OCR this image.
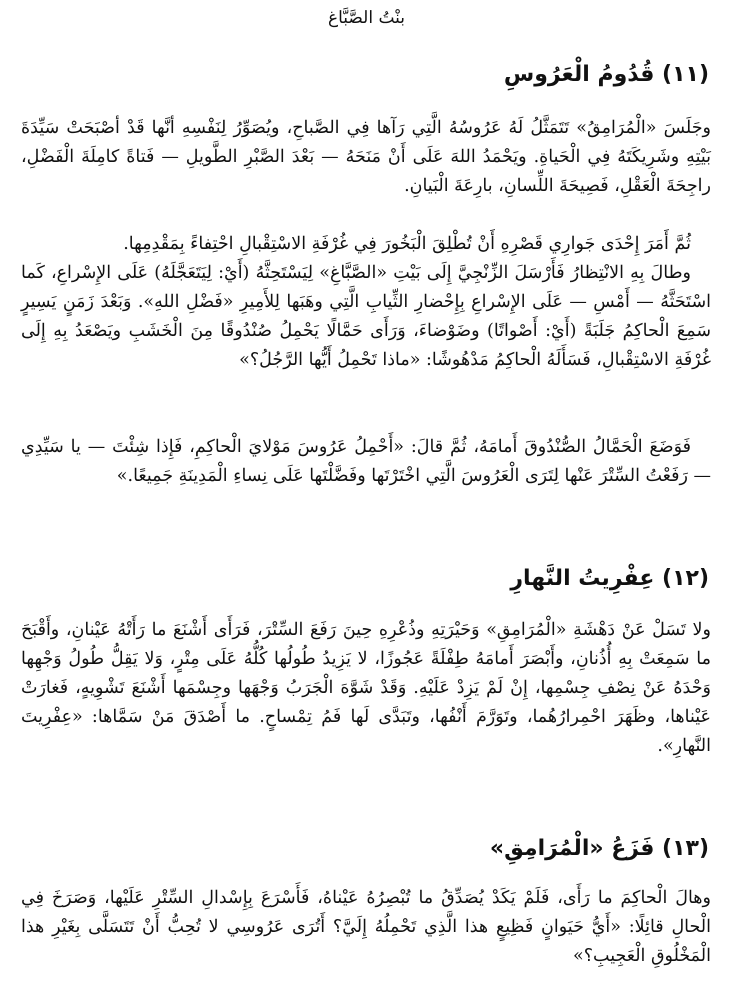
بنْتُ الصَّبَّاغ
(١١) قُدُومُ الْعَرُوسِ

وجَلَسَ «الْمُرَامِقُ» تَتَمَثَّلُ لَهُ عَرُوسُهُ الَّتِي رَآها فِي الصَّباحِ، ويُصَوِّرُ لِنَفْسِهِ أنَّها قَدْ أصْبَحَتْ سَيِّدَةَ بَيْتِهِ وشَرِيكَتَهُ فِي الْحَياةِ. ويَحْمَدُ اللهَ عَلَى أَنْ مَنَحَهُ — بَعْدَ الصَّبْرِ الطَّويلِ — فَتاةً كامِلَةَ الْفَضْلِ، راجِحَةَ الْعَقْلِ، فَصِيحَةَ اللِّسانِ، بارِعَةَ الْبَيانِ.

ثُمَّ أَمَرَ إِحْدَى جَوارِي قَصْرِهِ أَنْ تُطْلِقَ الْبَخُورَ فِي غُرْفَةِ الاسْتِقْبالِ احْتِفاءً بِمَقْدِمِها.

وطالَ بِهِ الانْتِظارُ فَأَرْسَلَ الزِّنْجِيَّ إِلَى بَيْتِ «الصَّبَّاغِ» لِيَسْتَحِثَّهُ (أَيْ: لِيَتَعَجَّلَهُ) عَلَى الإِسْراعِ، كَما اسْتَحَثَّهُ — أَمْسِ — عَلَى الإِسْراعِ بِإِحْضارِ الثِّيابِ الَّتِي وهَبَها لِلأَمِيرِ «فَضْلِ اللهِ». وَبَعْدَ زَمَنٍ يَسِيرٍ سَمِعَ الْحاكِمُ جَلَبَةً (أَيْ: أَصْواتًا) وضَوْضاءَ، وَرَأَى حَمَّالًا يَحْمِلُ صُنْدُوقًا مِنَ الْخَشَبِ ويَصْعَدُ بِهِ إِلَى غُرْفَةِ الاسْتِقْبالِ، فَسَأَلَهُ الْحاكِمُ مَدْهُوشًا: «ماذا تَحْمِلُ أَيُّها الرَّجُلُ؟»

فَوَضَعَ الْحَمَّالُ الصُّنْدُوقَ أَمامَهُ، ثُمَّ قالَ: «أَحْمِلُ عَرُوسَ مَوْلايَ الْحاكِمِ، فَإِذا شِئْتَ — يا سَيِّدِي — رَفَعْتُ السِّتْرَ عَنْها لِتَرَى الْعَرُوسَ الَّتِي اخْتَرْتَها وفَضَّلْتَها عَلَى نِساءِ الْمَدِينَةِ جَمِيعًا.»

(١٢) عِفْرِيتُ النَّهارِ

ولا تَسَلْ عَنْ دَهْشَةِ «الْمُرَامِقِ» وَحَيْرَتِهِ وذُعْرِهِ حِينَ رَفَعَ السِّتْرَ، فَرَأَى أَشْنَعَ ما رَأَتْهُ عَيْنانِ، وأَقْبَحَ ما سَمِعَتْ بِهِ أُذُنانِ، وأَبْصَرَ أَمامَهُ طِفْلَةً عَجُوزًا، لا يَزِيدُ طُولُها كُلُّهُ عَلَى مِتْرٍ، وَلا يَقِلُّ طُولُ وَجْهِها وَحْدَهُ عَنْ نِصْفِ جِسْمِها، إِنْ لَمْ يَزِدْ عَلَيْهِ. وَقَدْ شَوَّهَ الْجَرَبُ وَجْهَها وجِسْمَها أَشْنَعَ تَشْوِيهٍ، فَغارَتْ عَيْناها، وظَهَرَ احْمِرارُهُما، وتَوَرَّمَ أَنْفُها، وتَبَدَّى لَها فَمُ تِمْساحٍ. ما أَصْدَقَ مَنْ سَمَّاها: «عِفْرِيتَ النَّهارِ».

(١٣) فَزَعُ «الْمُرَامِقِ»

وهالَ الْحاكِمَ ما رَأَى، فَلَمْ يَكَدْ يُصَدِّقُ ما تُبْصِرُهُ عَيْناهُ، فَأَسْرَعَ بِإِسْدالِ السِّتْرِ عَلَيْها، وَصَرَخَ فِي الْحالِ قائِلًا: «أَيُّ حَيَوانٍ فَظِيعٍ هذا الَّذِي تَحْمِلُهُ إِلَيَّ؟ أَتُرَى عَرُوسِي لا تُحِبُّ أَنْ تَتَسَلَّى بِغَيْرِ هذا الْمَخْلُوقِ الْعَجِيبِ؟»
